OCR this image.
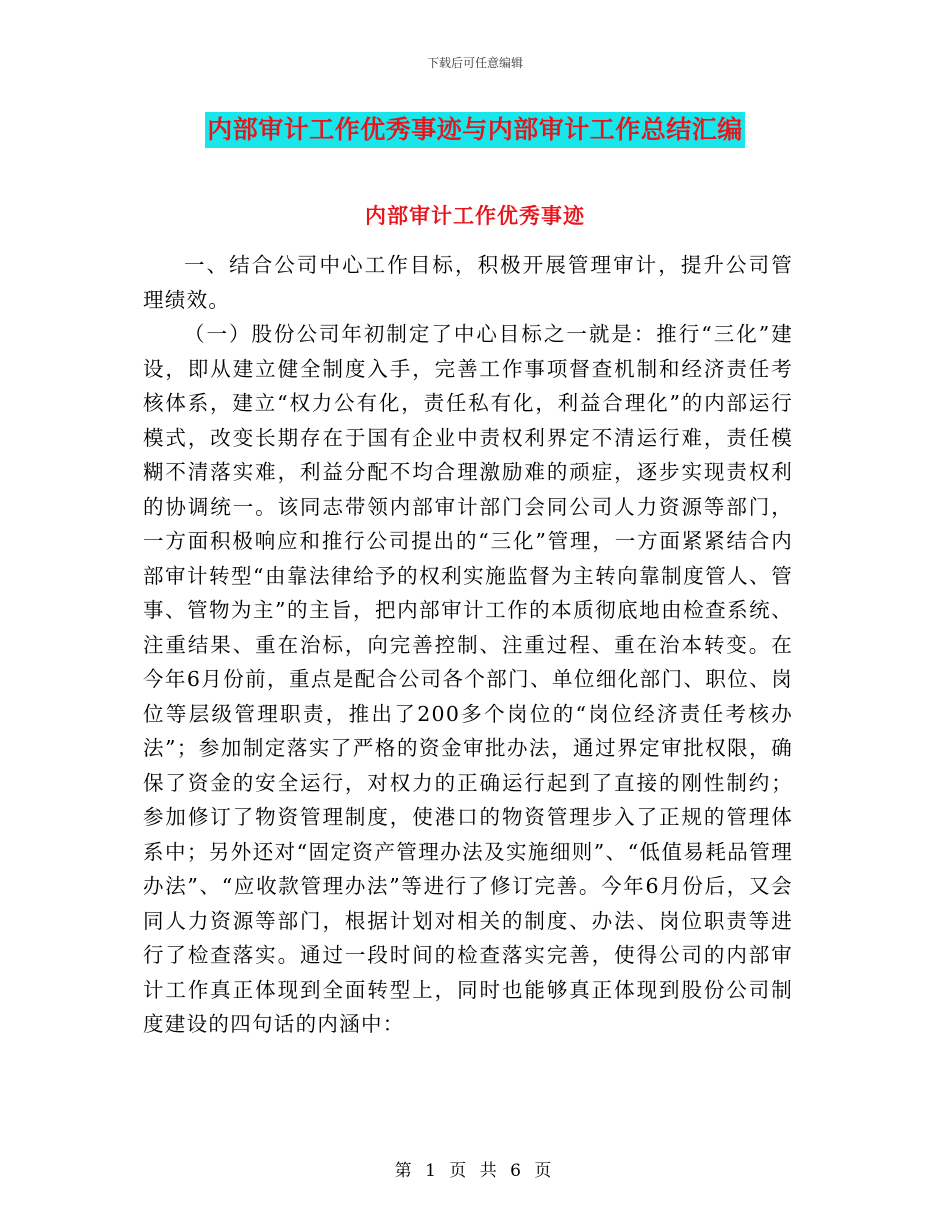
下载后可任意编辑
内部审计工作优秀事迹与内部审计工作总结汇编
内部审计工作优秀事迹

一、结合公司中心工作目标，积极开展管理审计，提升公司管理绩效。

（一）股份公司年初制定了中心目标之一就是：推行“三化”建设，即从建立健全制度入手，完善工作事项督查机制和经济责任考核体系，建立“权力公有化，责任私有化，利益合理化”的内部运行模式，改变长期存在于国有企业中责权利界定不清运行难，责任模糊不清落实难，利益分配不均合理激励难的顽症，逐步实现责权利的协调统一。该同志带领内部审计部门会同公司人力资源等部门，一方面积极响应和推行公司提出的“三化”管理，一方面紧紧结合内部审计转型“由靠法律给予的权利实施监督为主转向靠制度管人、管事、管物为主”的主旨，把内部审计工作的本质彻底地由检查系统、注重结果、重在治标，向完善控制、注重过程、重在治本转变。在今年6月份前，重点是配合公司各个部门、单位细化部门、职位、岗位等层级管理职责，推出了200多个岗位的“岗位经济责任考核办法”；参加制定落实了严格的资金审批办法，通过界定审批权限，确保了资金的安全运行，对权力的正确运行起到了直接的刚性制约；参加修订了物资管理制度，使港口的物资管理步入了正规的管理体系中；另外还对“固定资产管理办法及实施细则”、“低值易耗品管理办法”、“应收款管理办法”等进行了修订完善。今年6月份后，又会同人力资源等部门，根据计划对相关的制度、办法、岗位职责等进行了检查落实。通过一段时间的检查落实完善，使得公司的内部审计工作真正体现到全面转型上，同时也能够真正体现到股份公司制度建设的四句话的内涵中：

第 1 页 共 6 页
